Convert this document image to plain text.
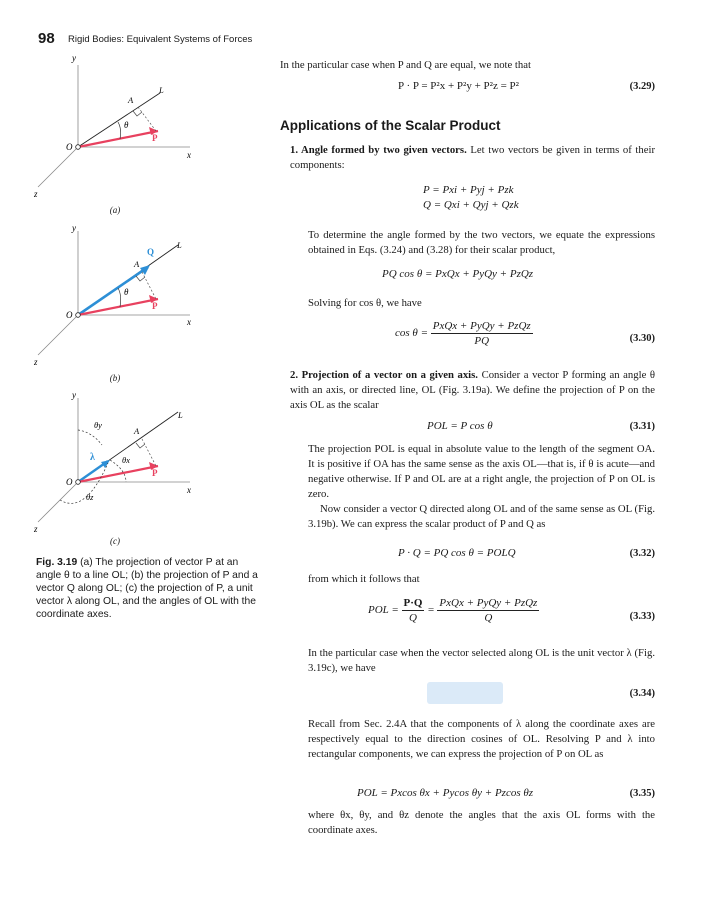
98 Rigid Bodies: Equivalent Systems of Forces
y
x
z
O
A
L
θ
P
(a)
y
x
z
O
A
L
Q
θ
P
(b)
y
x
z
O
A
L
θy
θx
θz
λ
P
(c)
Fig. 3.19 (a) The projection of vector P at an angle θ to a line OL; (b) the projection of P and a vector Q along OL; (c) the projection of P, a unit vector λ along OL, and the angles of OL with the coordinate axes.

In the particular case when P and Q are equal, we note that

P · P = P²x + P²y + P²z = P²	(3.29)
Applications of the Scalar Product

1. Angle formed by two given vectors. Let two vectors be given in terms of their components:

P = Pxi + Pyj + Pzk
Q = Qxi + Qyj + Qzk

To determine the angle formed by the two vectors, we equate the expressions obtained in Eqs. (3.24) and (3.28) for their scalar product,

PQ cos θ = PxQx + PyQy + PzQz

Solving for cos θ, we have

$\cos \theta = \frac{\text{PxQx + PyQy + PzQz}}{PQ}$	(3.30)

2. Projection of a vector on a given axis. Consider a vector P forming an angle θ with an axis, or directed line, OL (Fig. 3.19a). We define the projection of P on the axis OL as the scalar

POL = P cos θ	(3.31)

The projection POL is equal in absolute value to the length of the segment OA. It is positive if OA has the same sense as the axis OL—that is, if θ is acute—and negative otherwise. If P and OL are at a right angle, the projection of P on OL is zero.

Now consider a vector Q directed along OL and of the same sense as OL (Fig. 3.19b). We can express the scalar product of P and Q as

P · Q = PQ cos θ = POLQ	(3.32)

from which it follows that

POL = $\frac{P\cdot Q}{Q} = \frac{\text{PxQx + PyQy + PzQz}}{Q}$	(3.33)

In the particular case when the vector selected along OL is the unit vector λ (Fig. 3.19c), we have

(3.34)

Recall from Sec. 2.4A that the components of λ along the coordinate axes are respectively equal to the direction cosines of OL. Resolving P and λ into rectangular components, we can express the projection of P on OL as

POL = Pxcos θx + Pycos θy + Pzcos θz	(3.35)

where θx, θy, and θz denote the angles that the axis OL forms with the coordinate axes.
